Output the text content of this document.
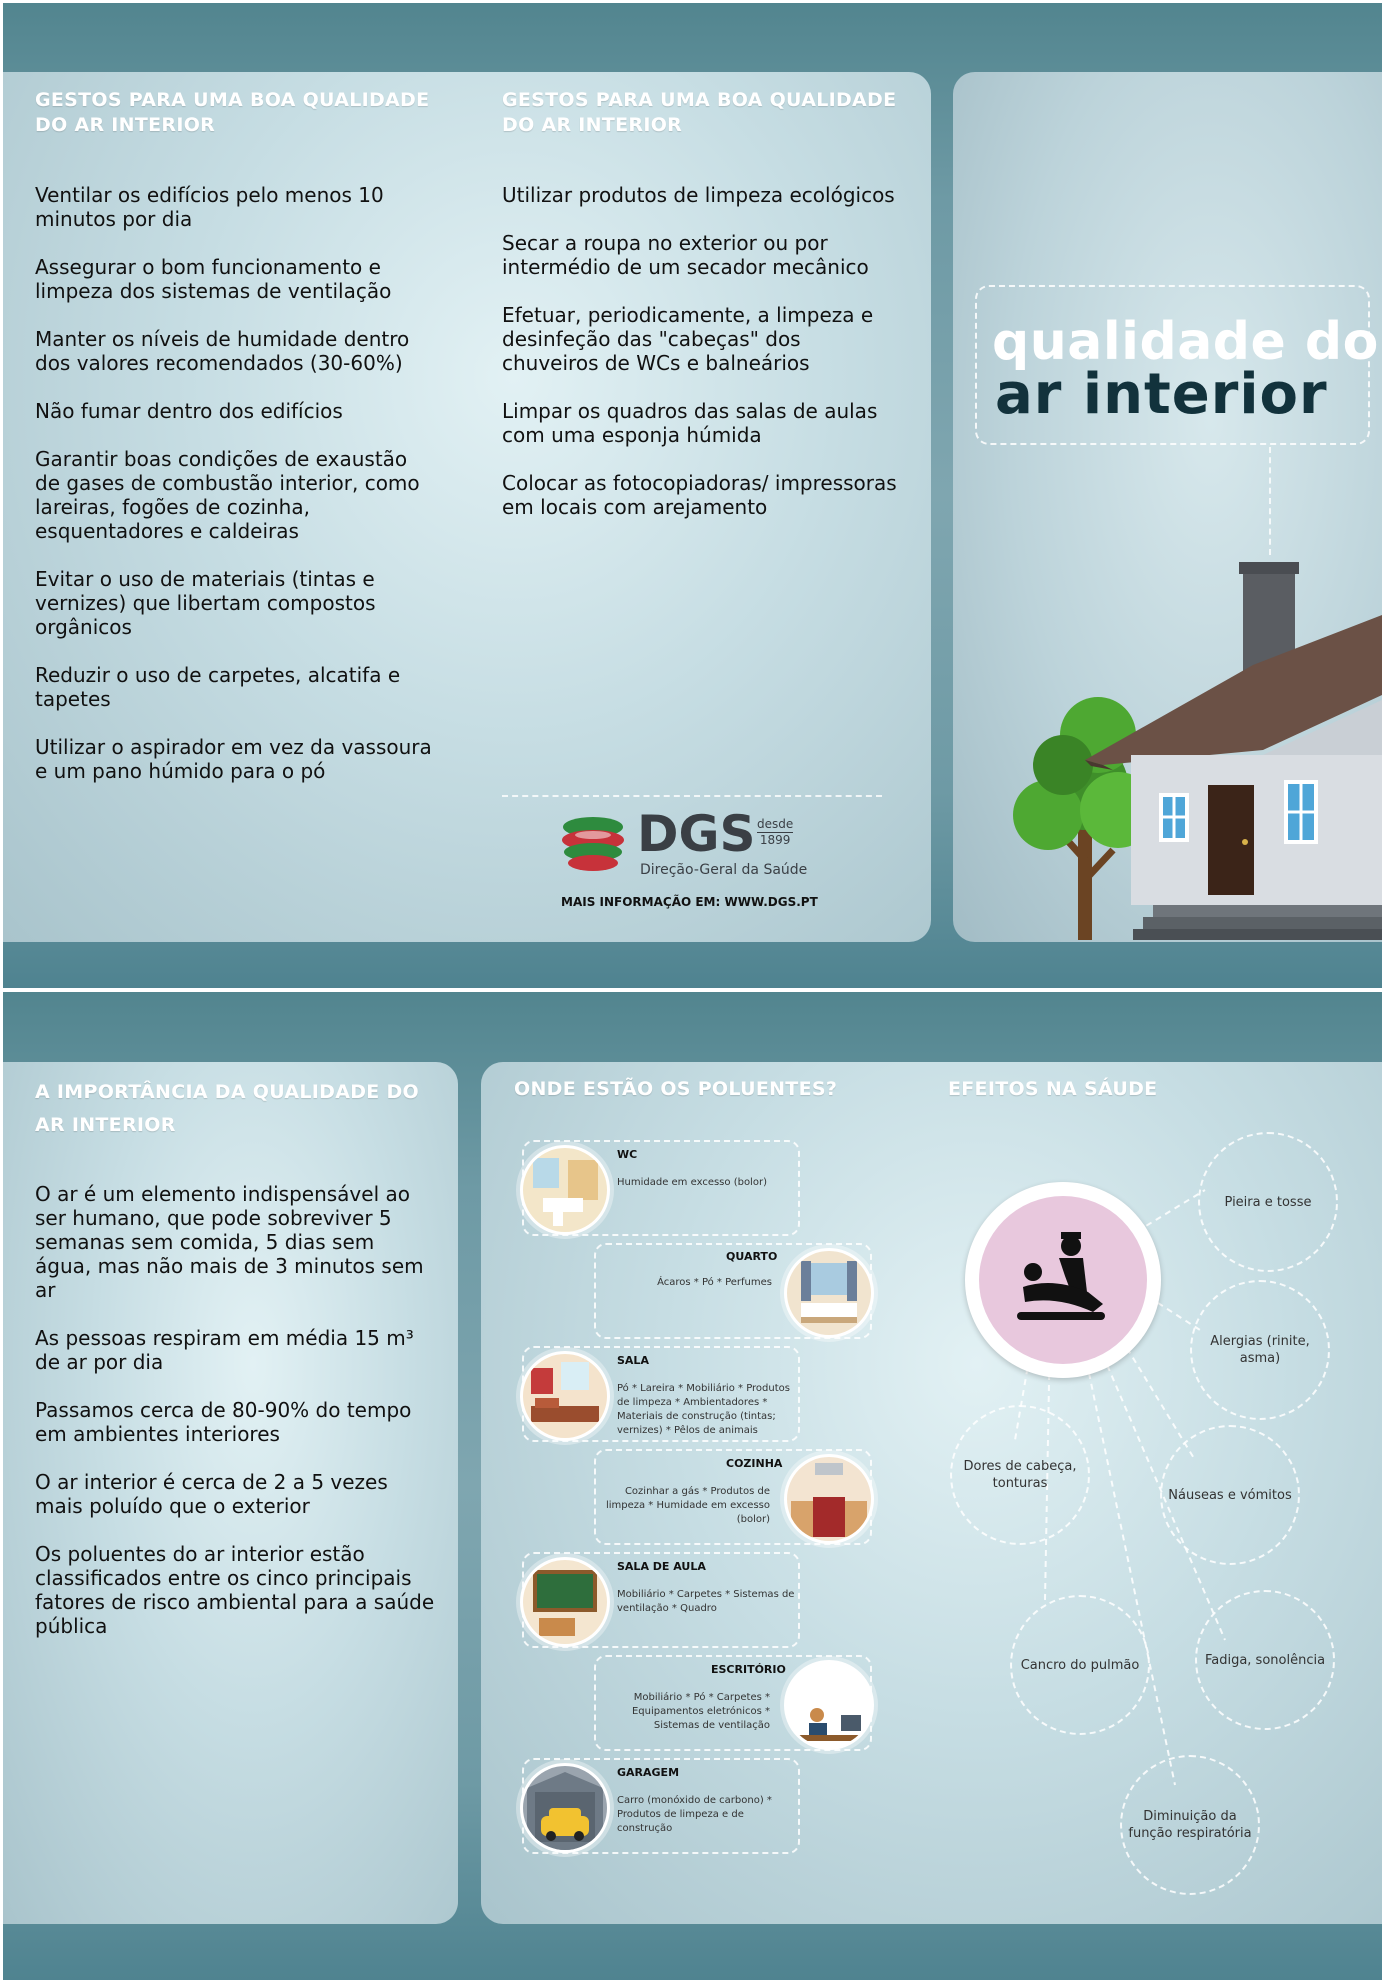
GESTOS PARA UMA BOA QUALIDADE DO AR INTERIOR
Ventilar os edifícios pelo menos 10 minutos por dia
Assegurar o bom funcionamento e limpeza dos sistemas de ventilação
Manter os níveis de humidade dentro dos valores recomendados (30-60%)
Não fumar dentro dos edifícios
Garantir boas condições de exaustão de gases de combustão interior, como lareiras, fogões de cozinha, esquentadores e caldeiras
Evitar o uso de materiais (tintas e vernizes) que libertam compostos orgânicos
Reduzir o uso de carpetes, alcatifa e tapetes
Utilizar o aspirador em vez da vassoura e um pano húmido para o pó
GESTOS PARA UMA BOA QUALIDADE DO AR INTERIOR
Utilizar produtos de limpeza ecológicos
Secar a roupa no exterior ou por intermédio de um secador mecânico
Efetuar, periodicamente, a limpeza e desinfeção das "cabeças" dos chuveiros de WCs e balneários
Limpar os quadros das salas de aulas com uma esponja húmida
Colocar as fotocopiadoras/ impressoras em locais com arejamento
DGS desde
1899
Direção-Geral da Saúde
MAIS INFORMAÇÃO EM: WWW.DGS.PT
qualidade do
ar interior
A IMPORTÂNCIA DA QUALIDADE DO AR INTERIOR
O ar é um elemento indispensável ao ser humano, que pode sobreviver 5 semanas sem comida, 5 dias sem água, mas não mais de 3 minutos sem ar
As pessoas respiram em média 15 m³ de ar por dia
Passamos cerca de 80-90% do tempo em ambientes interiores
O ar interior é cerca de 2 a 5 vezes mais poluído que o exterior
Os poluentes do ar interior estão classificados entre os cinco principais fatores de risco ambiental para a saúde pública
ONDE ESTÃO OS POLUENTES?	EFEITOS NA SÁUDE
WC
Humidade em excesso (bolor)
QUARTO
Ácaros * Pó * Perfumes
SALA
Pó * Lareira * Mobiliário * Produtos de limpeza * Ambientadores * Materiais de construção (tintas; vernizes) * Pêlos de animais
COZINHA
Cozinhar a gás * Produtos de limpeza * Humidade em excesso (bolor)
SALA DE AULA
Mobiliário * Carpetes * Sistemas de ventilação * Quadro
ESCRITÓRIO
Mobiliário * Pó * Carpetes * Equipamentos eletrónicos * Sistemas de ventilação
GARAGEM
Carro (monóxido de carbono) * Produtos de limpeza e de construção
Pieira e tosse
Alergias (rinite, asma)
Náuseas e vómitos
Fadiga, sonolência
Diminuição da função respiratória
Cancro do pulmão
Dores de cabeça, tonturas
